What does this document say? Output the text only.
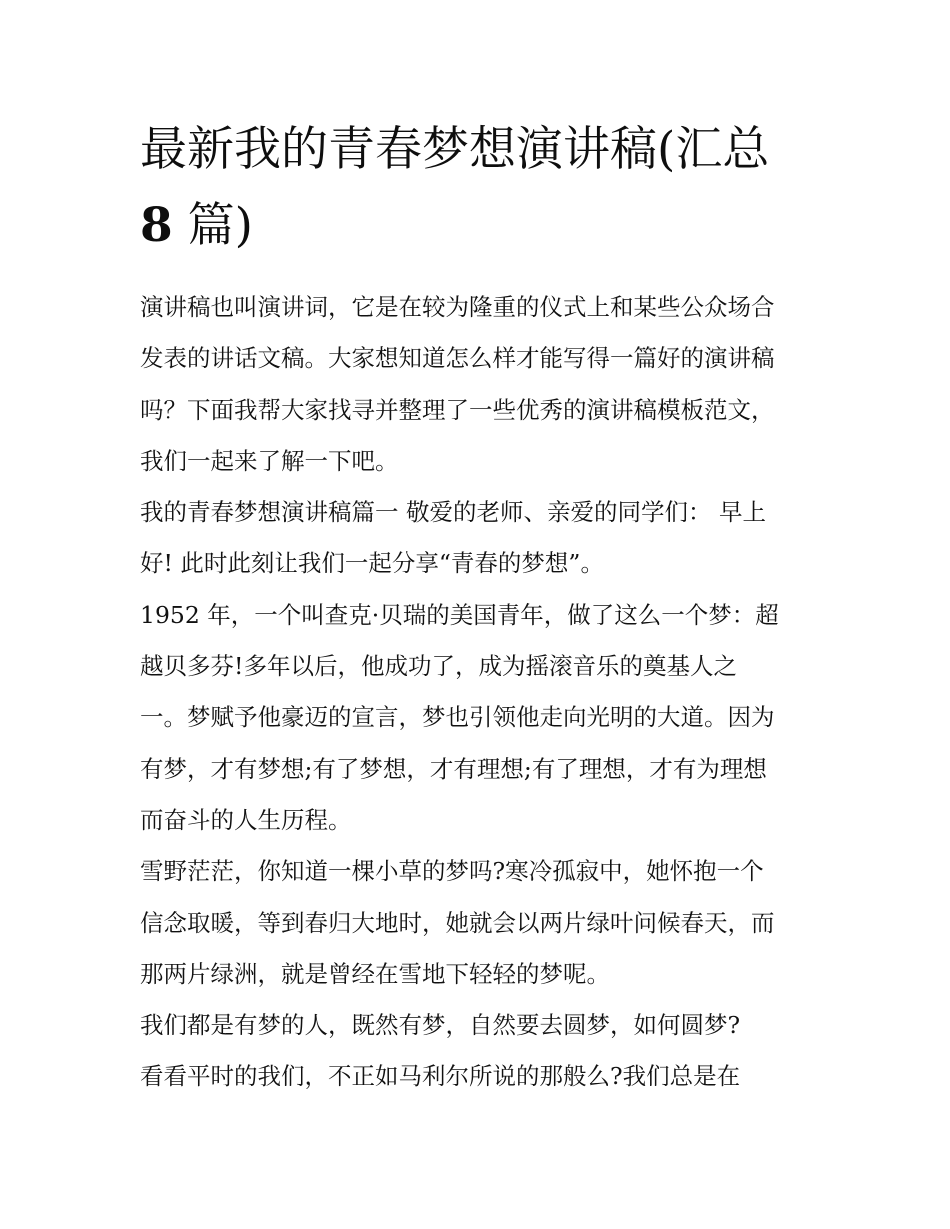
最新我的青春梦想演讲稿(汇总
8 篇)
演讲稿也叫演讲词，它是在较为隆重的仪式上和某些公众场合
发表的讲话文稿。大家想知道怎么样才能写得一篇好的演讲稿
吗？下面我帮大家找寻并整理了一些优秀的演讲稿模板范文，
我们一起来了解一下吧。
我的青春梦想演讲稿篇一 敬爱的老师、亲爱的同学们： 早上
好! 此时此刻让我们一起分享“青春的梦想”。
1952 年，一个叫查克·贝瑞的美国青年，做了这么一个梦：超
越贝多芬!多年以后，他成功了，成为摇滚音乐的奠基人之
一。梦赋予他豪迈的宣言，梦也引领他走向光明的大道。因为
有梦，才有梦想;有了梦想，才有理想;有了理想，才有为理想
而奋斗的人生历程。
雪野茫茫，你知道一棵小草的梦吗?寒冷孤寂中，她怀抱一个
信念取暖，等到春归大地时，她就会以两片绿叶问候春天，而
那两片绿洲，就是曾经在雪地下轻轻的梦呢。
我们都是有梦的人，既然有梦，自然要去圆梦，如何圆梦?
看看平时的我们，不正如马利尔所说的那般么?我们总是在
